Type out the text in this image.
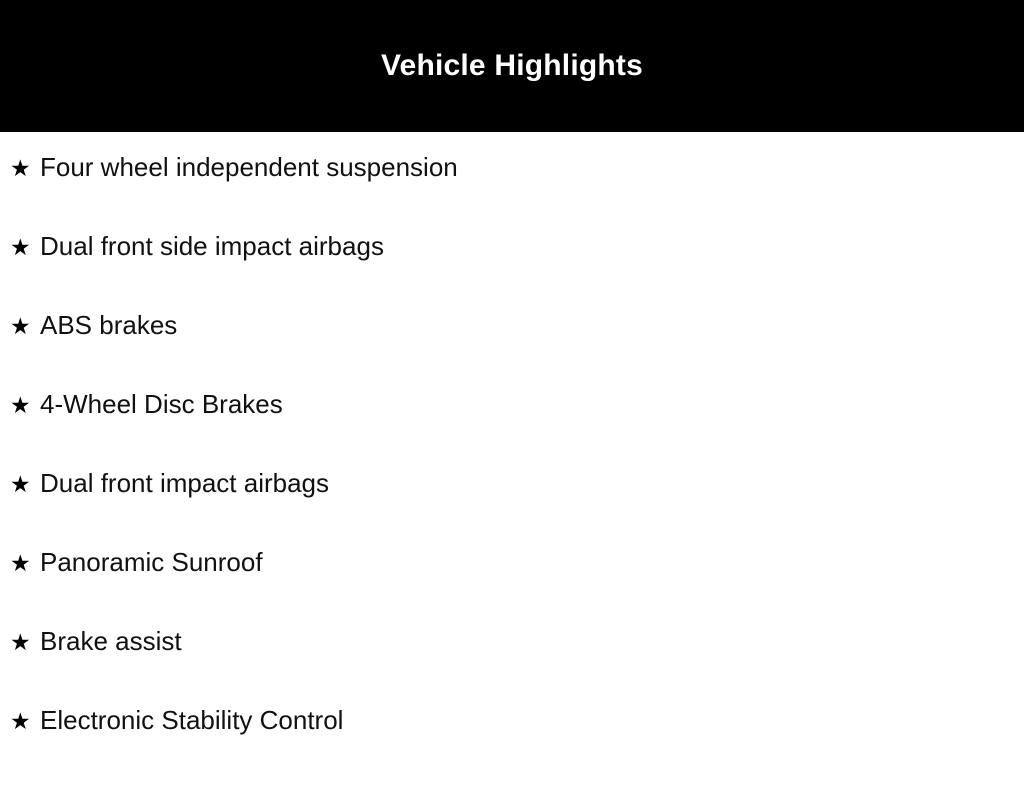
Vehicle Highlights
★ Four wheel independent suspension
★ Dual front side impact airbags
★ ABS brakes
★ 4-Wheel Disc Brakes
★ Dual front impact airbags
★ Panoramic Sunroof
★ Brake assist
★ Electronic Stability Control
